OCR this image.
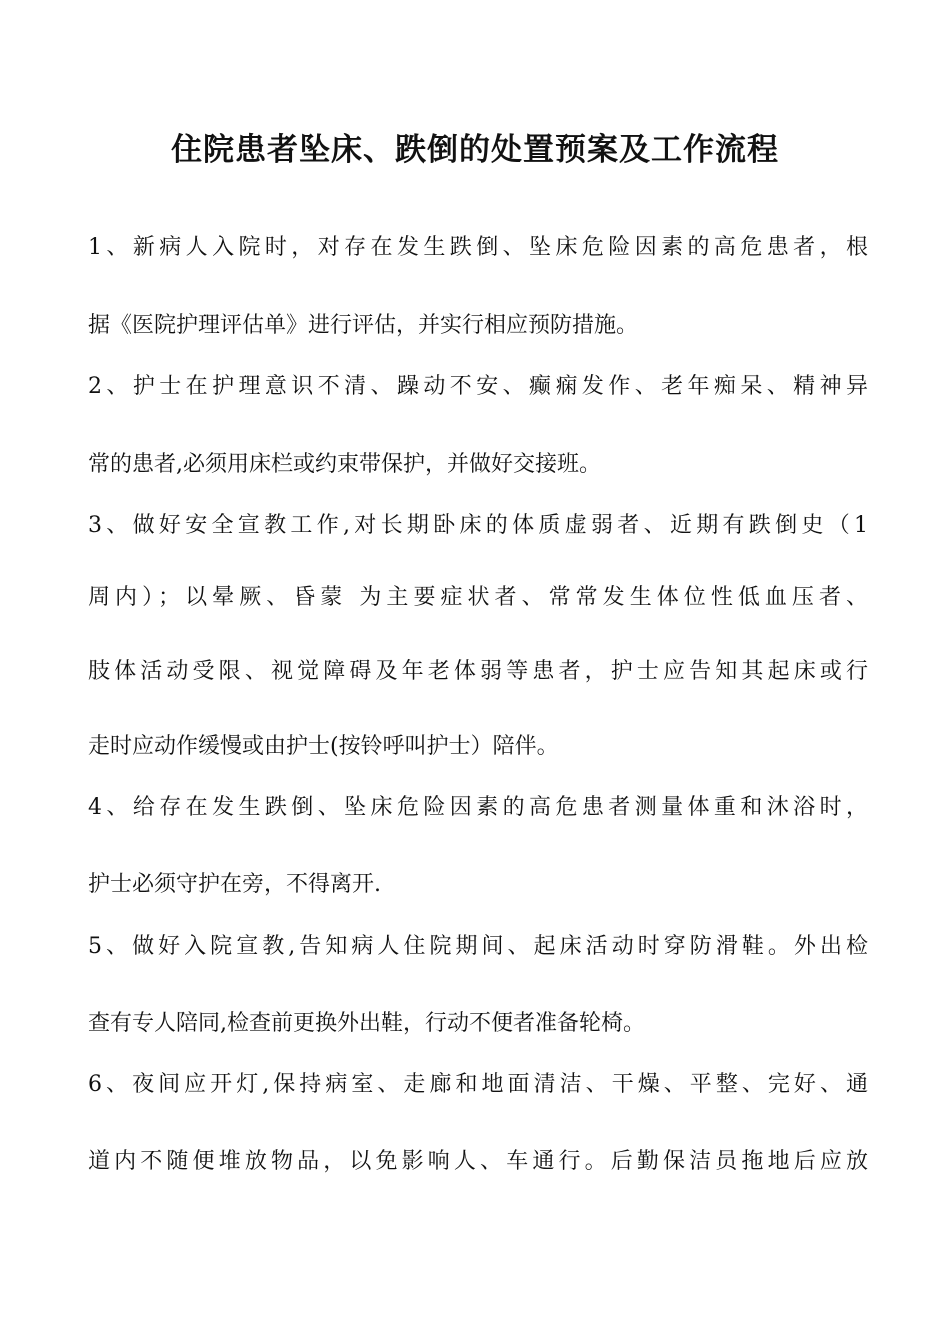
住院患者坠床、跌倒的处置预案及工作流程
1、新病人入院时，对存在发生跌倒、坠床危险因素的高危患者，根
据《医院护理评估单》进行评估，并实行相应预防措施。
2、护士在护理意识不清、躁动不安、癫痫发作、老年痴呆、精神异
常的患者,必须用床栏或约束带保护，并做好交接班。
3、做好安全宣教工作,对长期卧床的体质虚弱者、近期有跌倒史（1
周内）；以晕厥、昏蒙 为主要症状者、常常发生体位性低血压者、
肢体活动受限、视觉障碍及年老体弱等患者，护士应告知其起床或行
走时应动作缓慢或由护士(按铃呼叫护士）陪伴。
4、给存在发生跌倒、坠床危险因素的高危患者测量体重和沐浴时，
护士必须守护在旁，不得离开.
5、做好入院宣教,告知病人住院期间、起床活动时穿防滑鞋。外出检
查有专人陪同,检查前更换外出鞋，行动不便者准备轮椅。
6、夜间应开灯,保持病室、走廊和地面清洁、干燥、平整、完好、通
道内不随便堆放物品，以免影响人、车通行。后勤保洁员拖地后应放
